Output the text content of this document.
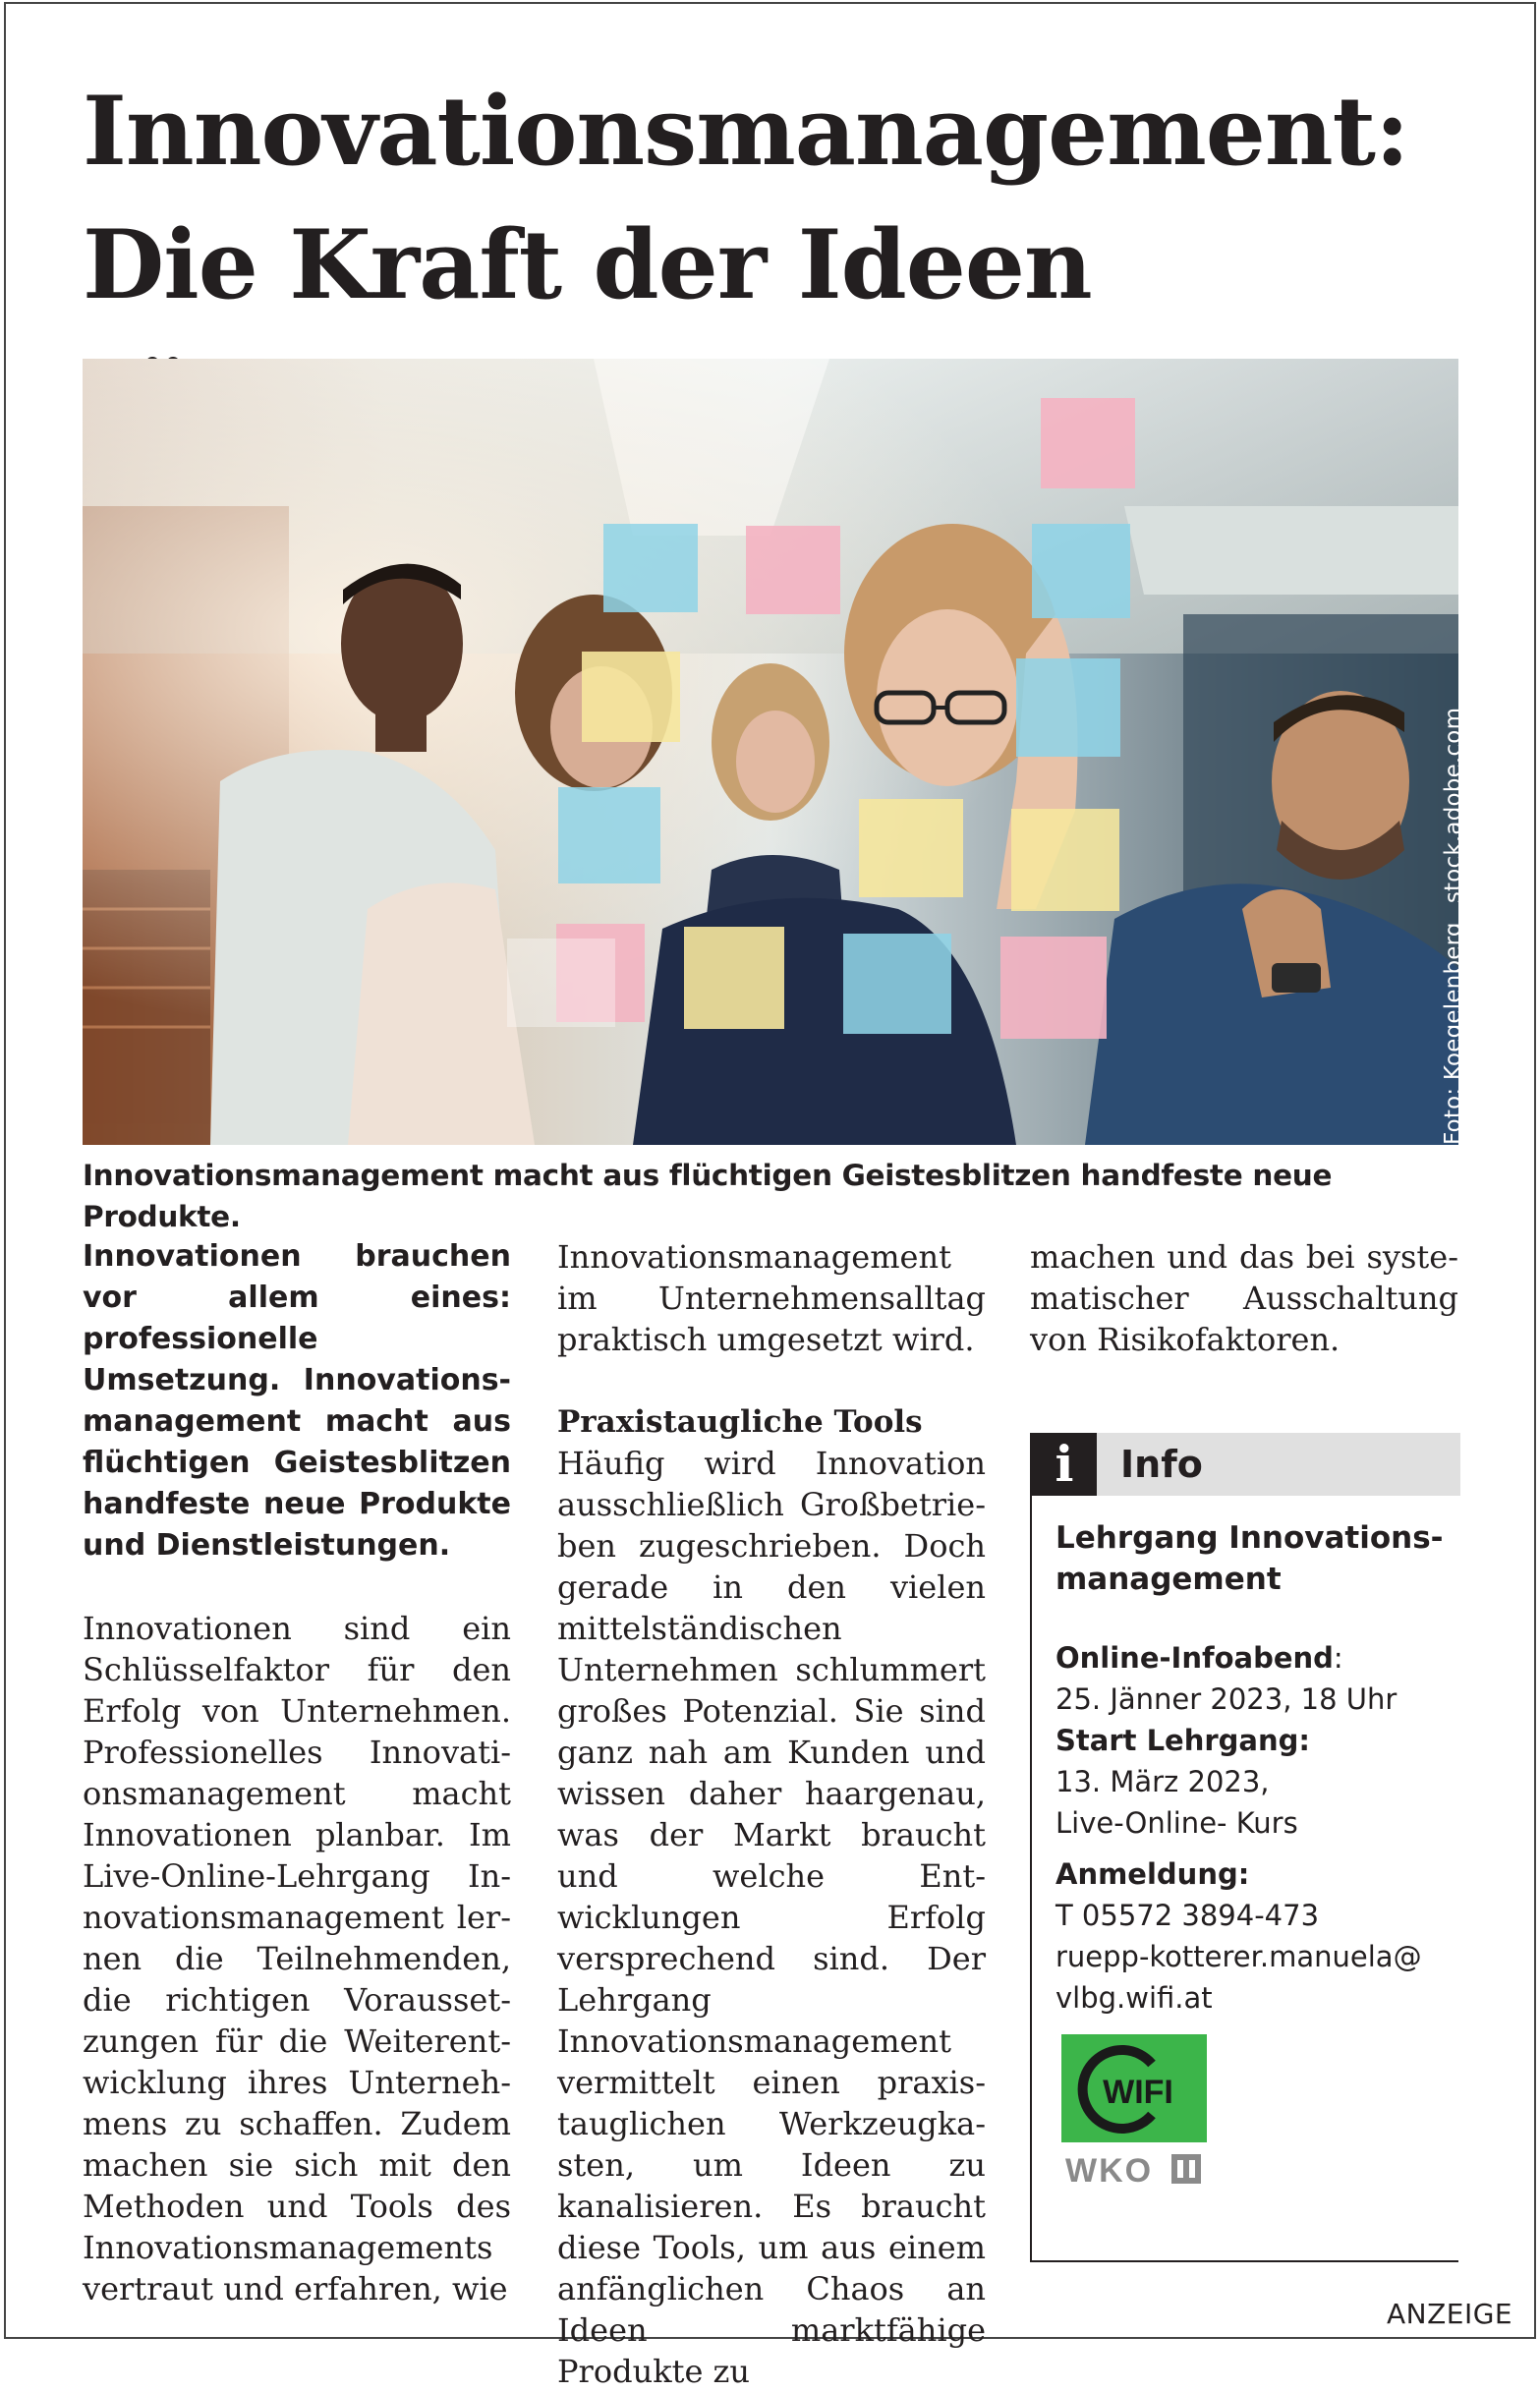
Innovationsmanagement:
Die Kraft der Ideen
Foto: Koegelenberg_ stock.adobe.com

Innovationsmanagement macht aus flüchtigen Geistesblitzen handfeste neue Produkte.

Innovationen brauchen vor allem eines: professionelle Umsetzung. Innovationsmanagement macht aus flüchtigen Geistesblitzen handfeste neue Produkte und Dienstleistungen.

Innovationen sind ein Schlüsselfaktor für den Erfolg von Unternehmen. Professionelles Innovationsmanagement macht Innovationen planbar. Im Live-Online-Lehrgang Innovationsmanagement lernen die Teilnehmenden, die richtigen Voraussetzungen für die Weiterentwicklung ihres Unternehmens zu schaffen. Zudem machen sie sich mit den Methoden und Tools des Innovationsmanagements vertraut und erfahren, wie

Innovationsmanagement im Unternehmensalltag praktisch umgesetzt wird.

Praxistaugliche Tools

Häufig wird Innovation ausschließlich Großbetrieben zugeschrieben. Doch gerade in den vielen mittelständischen Unternehmen schlummert großes Potenzial. Sie sind ganz nah am Kunden und wissen daher haargenau, was der Markt braucht und welche Entwicklungen Erfolg versprechend sind. Der Lehrgang Innovationsmanagement vermittelt einen praxistauglichen Werkzeugkasten, um Ideen zu kanalisieren. Es braucht diese Tools, um aus einem anfänglichen Chaos an Ideen marktfähige Produkte zu

machen und das bei systematischer Ausschaltung von Risikofaktoren.

i	Info
Lehrgang Innovationsmanagement
Online-Infoabend:
25. Jänner 2023, 18 Uhr
Start Lehrgang:
13. März 2023,
Live-Online- Kurs
Anmeldung:
T 05572 3894-473
ruepp-kotterer.manuela@
vlbg.wifi.at
WIFI
WKO
ANZEIGE
